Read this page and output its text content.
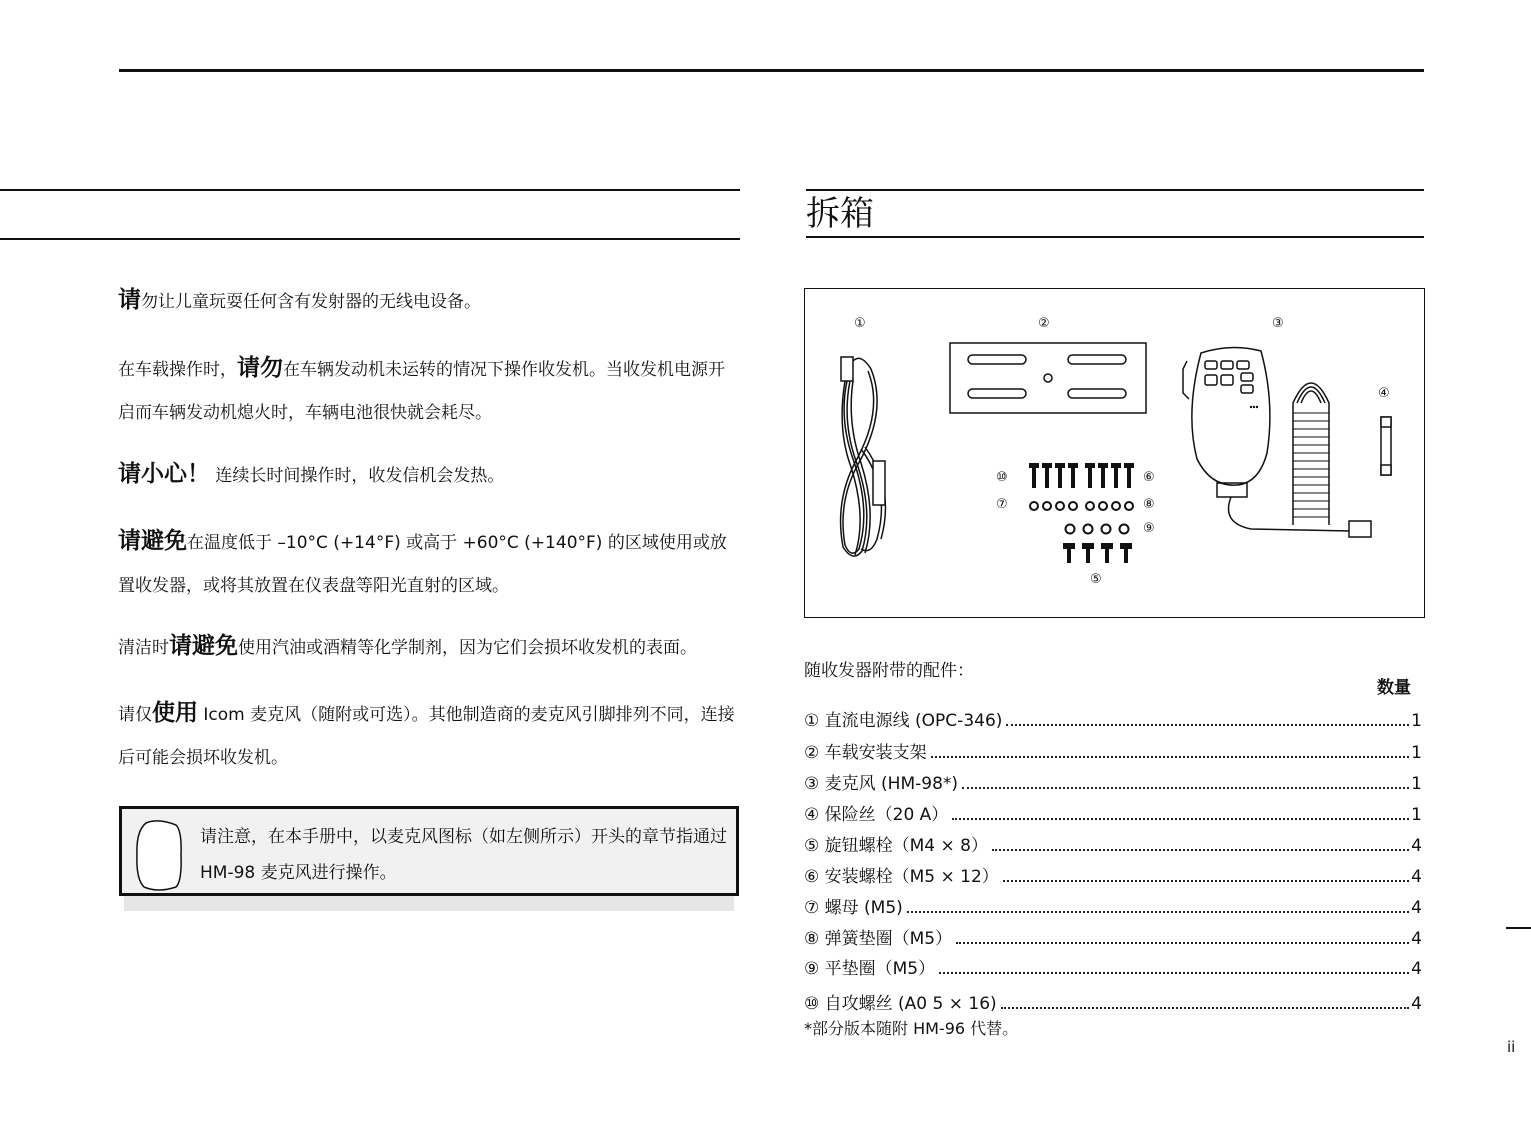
请勿让儿童玩耍任何含有发射器的无线电设备。
在车载操作时，请勿在车辆发动机未运转的情况下操作收发机。当收发机电源开启而车辆发动机熄火时，车辆电池很快就会耗尽。
请小心！ 连续长时间操作时，收发信机会发热。
请避免在温度低于 –10°C (+14°F) 或高于 +60°C (+140°F) 的区域使用或放置收发器，或将其放置在仪表盘等阳光直射的区域。
清洁时请避免使用汽油或酒精等化学制剂，因为它们会损坏收发机的表面。
请仅使用 Icom 麦克风（随附或可选）。其他制造商的麦克风引脚排列不同，连接后可能会损坏收发机。
请注意，在本手册中，以麦克风图标（如左侧所示）开头的章节指通过 HM-98 麦克风进行操作。
拆箱
①	②	③
④
⑤
⑥
⑦	⑧
⑨
⑩
随收发器附带的配件：
数量
① 直流电源线 (OPC-346)	1
② 车载安装支架	1
③ 麦克风 (HM-98*)	1
④ 保险丝（20 A）	1
⑤ 旋钮螺栓（M4 × 8）	4
⑥ 安装螺栓（M5 × 12）	4
⑦ 螺母 (M5)	4
⑧ 弹簧垫圈（M5）	4
⑨ 平垫圈（M5）	4
⑩ 自攻螺丝 (A0 5 × 16)	4
*部分版本随附 HM-96 代替。
ii
